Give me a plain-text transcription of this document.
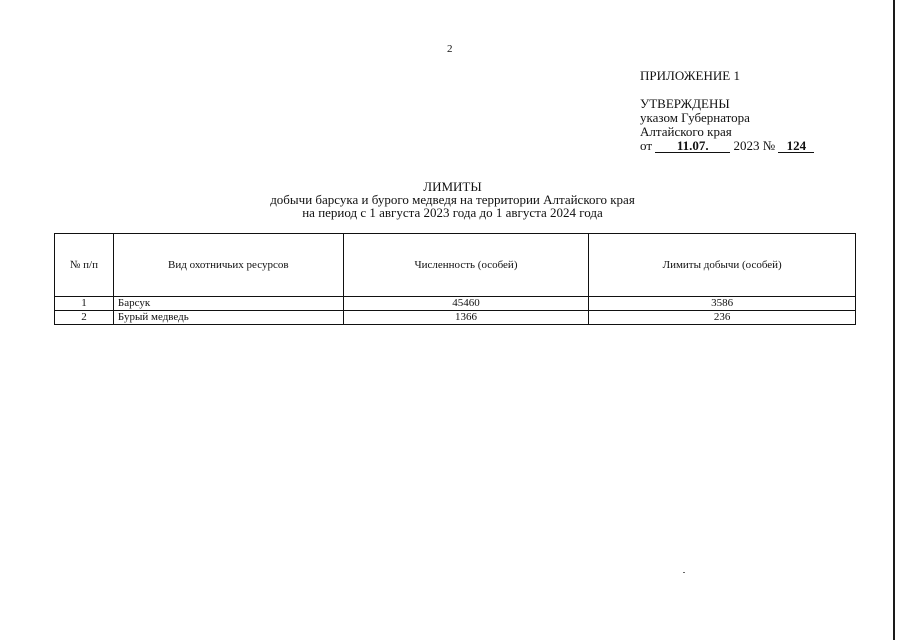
2
ПРИЛОЖЕНИЕ 1
УТВЕРЖДЕНЫ
указом Губернатора
Алтайского края
от 11.07. 2023 № 124
ЛИМИТЫ
добычи барсука и бурого медведя на территории Алтайского края
на период с 1 августа 2023 года до 1 августа 2024 года
№ п/п	Вид охотничьих ресурсов	Численность (особей)	Лимиты добычи (особей)
1	Барсук	45460	3586
2	Бурый медведь	1366	236
